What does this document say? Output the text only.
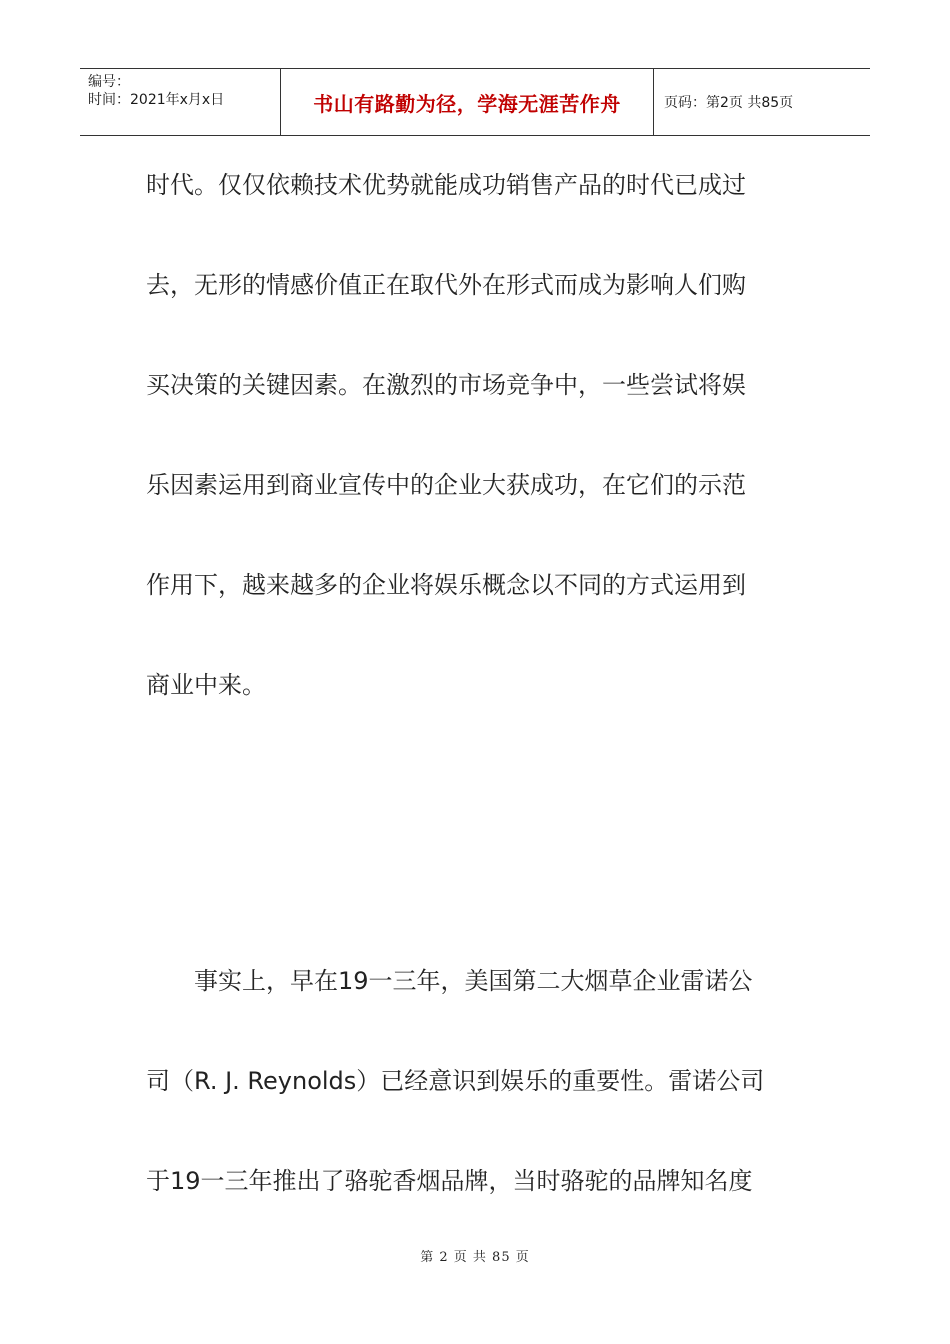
编号：
时间：2021年x月x日	书山有路勤为径，学海无涯苦作舟	页码：第2页 共85页
时代。仅仅依赖技术优势就能成功销售产品的时代已成过
去，无形的情感价值正在取代外在形式而成为影响人们购
买决策的关键因素。在激烈的市场竞争中，一些尝试将娱
乐因素运用到商业宣传中的企业大获成功，在它们的示范
作用下，越来越多的企业将娱乐概念以不同的方式运用到
商业中来。
事实上，早在19一三年，美国第二大烟草企业雷诺公
司（R. J. Reynolds）已经意识到娱乐的重要性。雷诺公司
于19一三年推出了骆驼香烟品牌，当时骆驼的品牌知名度
第 2 页 共 85 页
